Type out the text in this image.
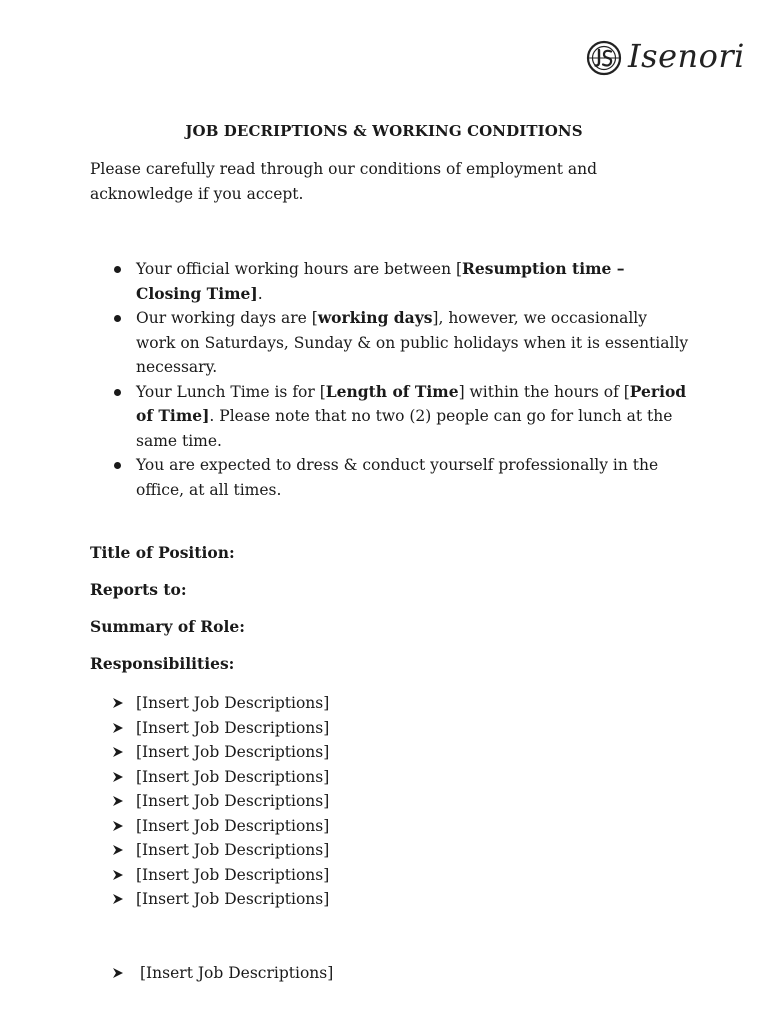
Isenori
JOB DECRIPTIONS & WORKING CONDITIONS

Please carefully read through our conditions of employment and acknowledge if you accept.

Your official working hours are between [Resumption time – Closing Time].
Our working days are [working days], however, we occasionally work on Saturdays, Sunday & on public holidays when it is essentially necessary.
Your Lunch Time is for [Length of Time] within the hours of [Period of Time]. Please note that no two (2) people can go for lunch at the same time.
You are expected to dress & conduct yourself professionally in the office, at all times.

Title of Position:

Reports to:

Summary of Role:

Responsibilities:

[Insert Job Descriptions]
[Insert Job Descriptions]
[Insert Job Descriptions]
[Insert Job Descriptions]
[Insert Job Descriptions]
[Insert Job Descriptions]
[Insert Job Descriptions]
[Insert Job Descriptions]
[Insert Job Descriptions]
[Insert Job Descriptions]
